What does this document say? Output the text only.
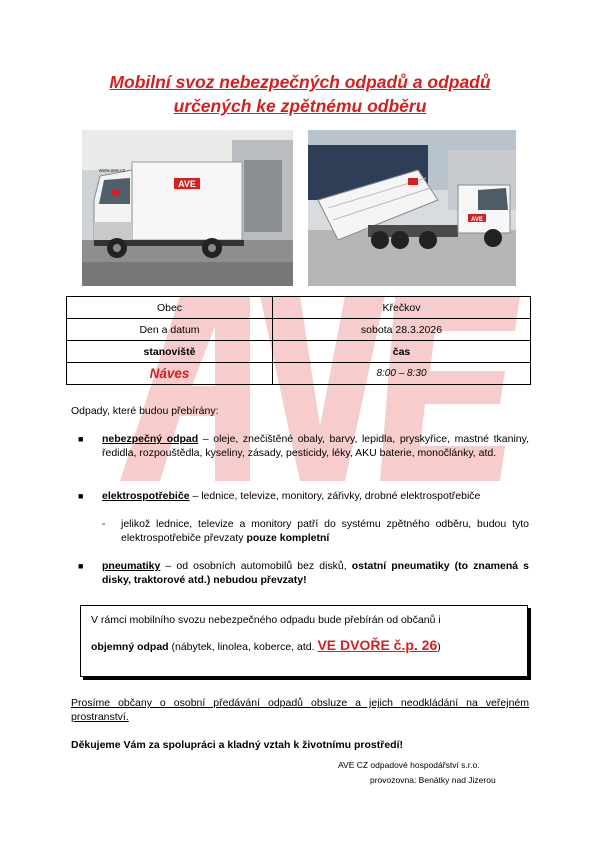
Mobilní svoz nebezpečných odpadů a odpadů
určených ke zpětnému odběru
AVE
www.ave.cz
AVE
Obec	Křečkov
Den a datum	sobota 28.3.2026
stanoviště	čas
Náves	8:00 – 8:30
Odpady, které budou přebírány:
■ nebezpečný odpad – oleje, znečištěné obaly, barvy, lepidla, pryskyřice, mastné tkaniny, ředidla, rozpouštědla, kyseliny, zásady, pesticidy, léky, AKU baterie, monočlánky, atd.
■ elektrospotřebiče – lednice, televize, monitory, zářivky, drobné elektrospotřebiče
- jelikož lednice, televize a monitory patří do systému zpětného odběru, budou tyto elektrospotřebiče převzaty pouze kompletní
■ pneumatiky – od osobních automobilů bez disků, ostatní pneumatiky (to znamená s disky, traktorové atd.) nebudou převzaty!
V rámci mobilního svozu nebezpečného odpadu bude přebírán od občanů i
objemný odpad (nábytek, linolea, koberce, atd. VE DVOŘE č.p. 26)
Prosíme občany o osobní předávání odpadů obsluze a jejich neodkládání na veřejném prostranství.
Děkujeme Vám za spolupráci a kladný vztah k životnímu prostředí!
AVE CZ odpadové hospodářství s.r.o.
provozovna: Benátky nad Jizerou
